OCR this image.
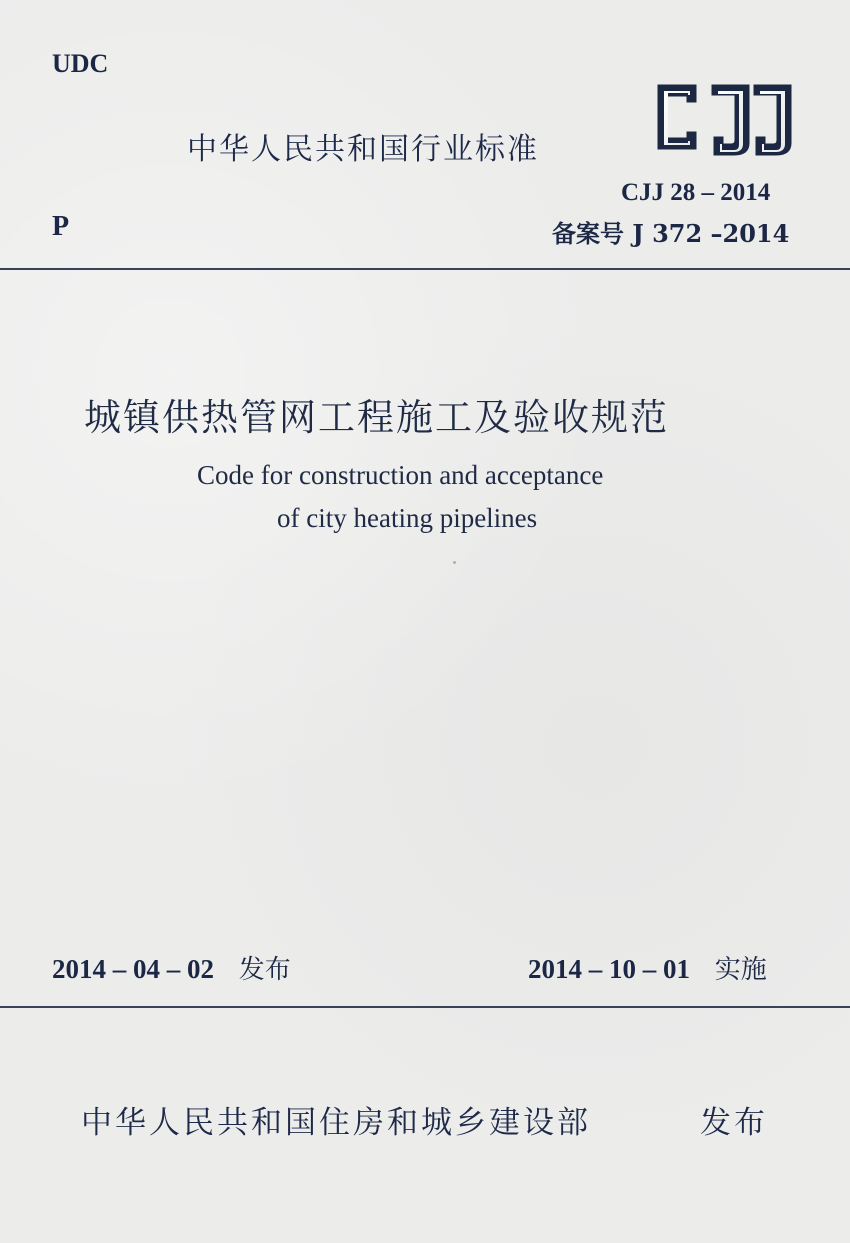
UDC
P
中华人民共和国行业标准
CJJ 28 – 2014
备案号 J 372 –2014
城镇供热管网工程施工及验收规范
Code for construction and acceptance
of city heating pipelines
2014 – 04 – 02 发布	2014 – 10 – 01 实施
中华人民共和国住房和城乡建设部	发布
